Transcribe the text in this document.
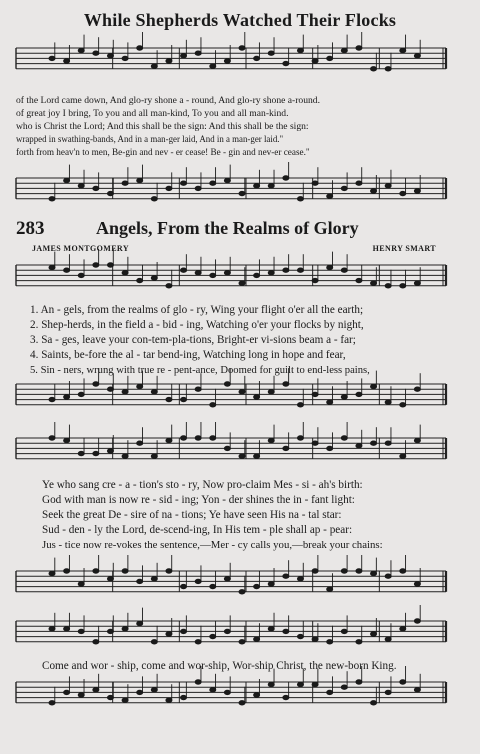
While Shepherds Watched Their Flocks
of the Lord came down, And glo-ry shone a - round, And glo-ry shone a-round.
of great joy I bring, To you and all man-kind, To you and all man-kind.
who is Christ the Lord; And this shall be the sign: And this shall be the sign:
wrapped in swathing-bands, And in a man-ger laid, And in a man-ger laid."
forth from heav'n to men, Be-gin and nev - er cease! Be - gin and nev-er cease."
283	Angels, From the Realms of Glory
JAMES MONTGOMERY	HENRY SMART
1. An - gels, from the realms of glo - ry, Wing your flight o'er all the earth;
2. Shep-herds, in the field a - bid - ing, Watching o'er your flocks by night,
3. Sa - ges, leave your con-tem-pla-tions, Bright-er vi-sions beam a - far;
4. Saints, be-fore the al - tar bend-ing, Watching long in hope and fear,
5. Sin - ners, wrung with true re - pent-ance, Doomed for guilt to end-less pains,
Ye who sang cre - a - tion's sto - ry, Now pro-claim Mes - si - ah's birth:
God with man is now re - sid - ing; Yon - der shines the in - fant light:
Seek the great De - sire of na - tions; Ye have seen His na - tal star:
Sud - den - ly the Lord, de-scend-ing, In His tem - ple shall ap - pear:
Jus - tice now re-vokes the sentence,—Mer - cy calls you,—break your chains:
Come and wor - ship, come and wor-ship, Wor-ship Christ, the new-born King.
